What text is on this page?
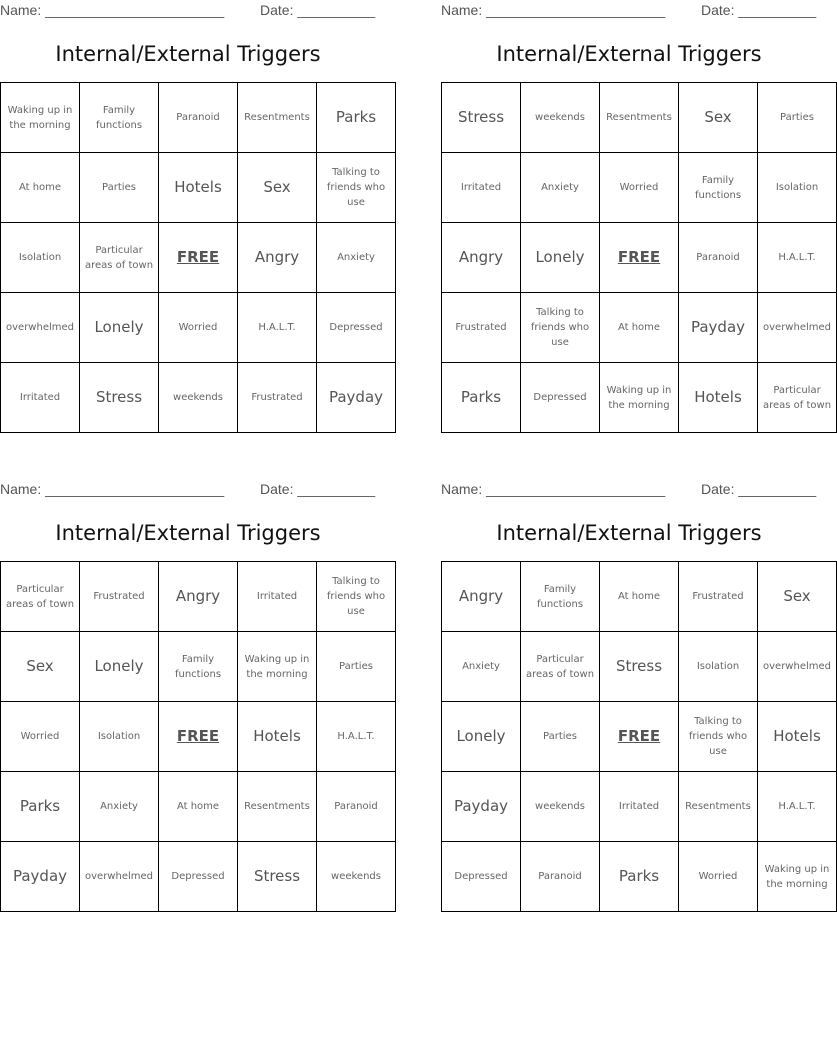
Name: _______________________	Date: __________
Internal/External Triggers
Waking up in the morning	Family functions	Paranoid	Resentments	Parks
At home	Parties	Hotels	Sex	Talking to friends who use
Isolation	Particular areas of town	FREE	Angry	Anxiety
overwhelmed	Lonely	Worried	H.A.L.T.	Depressed
Irritated	Stress	weekends	Frustrated	Payday
Name: _______________________	Date: __________
Internal/External Triggers
Stress	weekends	Resentments	Sex	Parties
Irritated	Anxiety	Worried	Family functions	Isolation
Angry	Lonely	FREE	Paranoid	H.A.L.T.
Frustrated	Talking to friends who use	At home	Payday	overwhelmed
Parks	Depressed	Waking up in the morning	Hotels	Particular areas of town
Name: _______________________	Date: __________
Internal/External Triggers
Particular areas of town	Frustrated	Angry	Irritated	Talking to friends who use
Sex	Lonely	Family functions	Waking up in the morning	Parties
Worried	Isolation	FREE	Hotels	H.A.L.T.
Parks	Anxiety	At home	Resentments	Paranoid
Payday	overwhelmed	Depressed	Stress	weekends
Name: _______________________	Date: __________
Internal/External Triggers
Angry	Family functions	At home	Frustrated	Sex
Anxiety	Particular areas of town	Stress	Isolation	overwhelmed
Lonely	Parties	FREE	Talking to friends who use	Hotels
Payday	weekends	Irritated	Resentments	H.A.L.T.
Depressed	Paranoid	Parks	Worried	Waking up in the morning
